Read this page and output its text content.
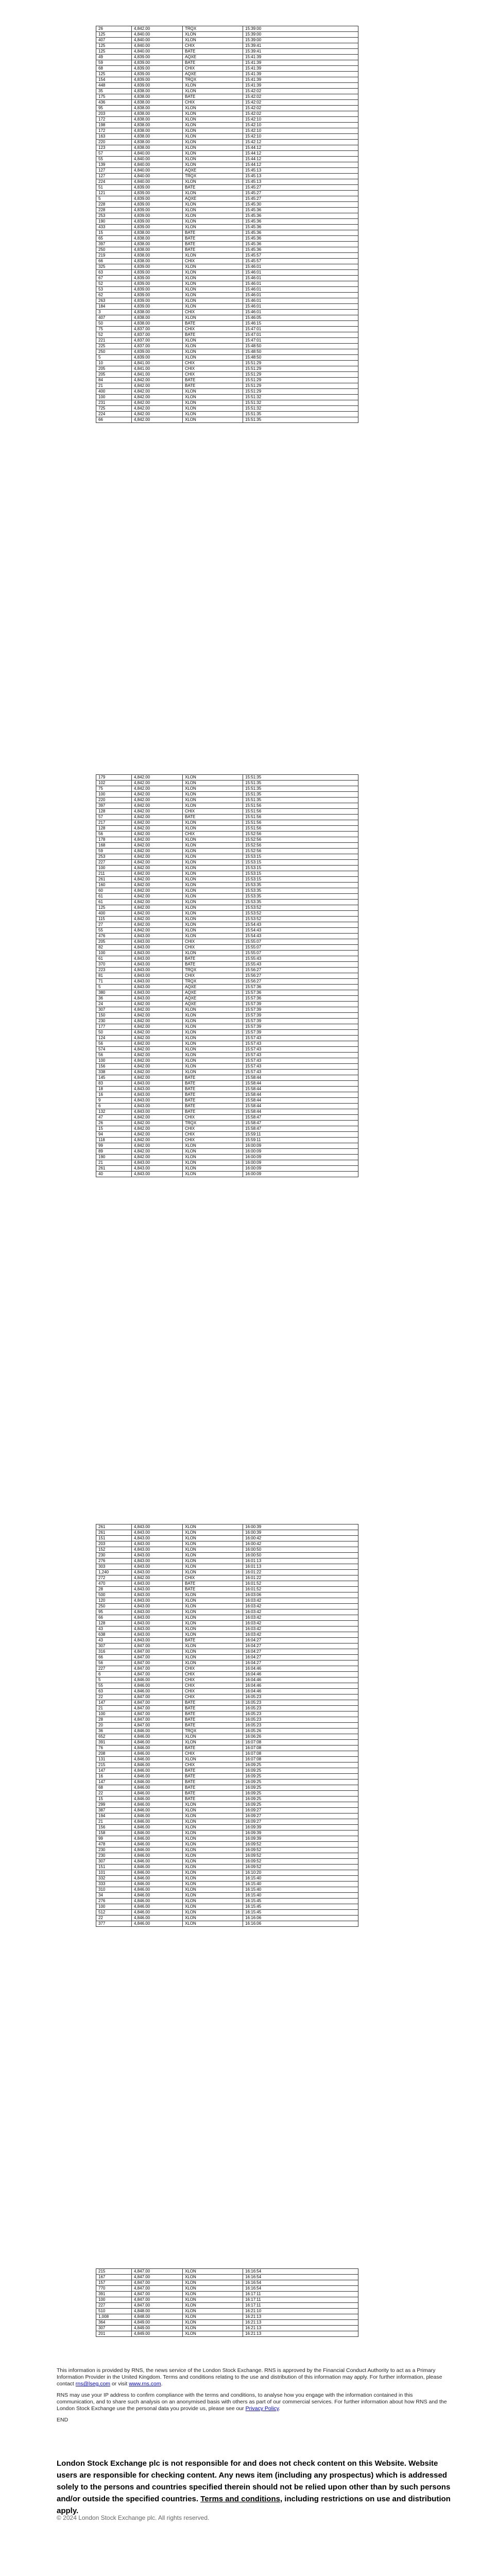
26	4,842.00	TRQX	15:39:00
125	4,840.00	XLON	15:39:00
407	4,840.00	XLON	15:39:00
125	4,840.00	CHIX	15:39:41
125	4,840.00	BATE	15:39:41
49	4,839.00	AQXE	15:41:39
59	4,839.00	BATE	15:41:39
68	4,839.00	CHIX	15:41:39
125	4,839.00	AQXE	15:41:39
154	4,839.00	TRQX	15:41:39
448	4,839.00	XLON	15:41:39
35	4,838.00	XLON	15:42:02
175	4,838.00	BATE	15:42:02
436	4,838.00	CHIX	15:42:02
95	4,838.00	XLON	15:42:02
203	4,838.00	XLON	15:42:02
172	4,838.00	XLON	15:42:10
198	4,838.00	XLON	15:42:10
172	4,838.00	XLON	15:42:10
163	4,838.00	XLON	15:42:10
220	4,838.00	XLON	15:42:12
123	4,838.00	XLON	15:44:12
57	4,840.00	XLON	15:44:12
55	4,840.00	XLON	15:44:12
139	4,840.00	XLON	15:44:12
127	4,840.00	AQXE	15:45:13
127	4,840.00	TRQX	15:45:13
224	4,840.00	XLON	15:45:13
51	4,839.00	BATE	15:45:27
121	4,839.00	XLON	15:45:27
5	4,839.00	AQXE	15:45:27
228	4,839.00	XLON	15:45:30
228	4,839.00	XLON	15:45:36
253	4,839.00	XLON	15:45:36
190	4,839.00	XLON	15:45:36
433	4,839.00	XLON	15:45:36
15	4,838.00	BATE	15:45:36
65	4,838.00	BATE	15:45:36
397	4,838.00	BATE	15:45:36
250	4,838.00	BATE	15:45:36
219	4,838.00	XLON	15:45:57
66	4,838.00	CHIX	15:45:57
325	4,839.00	XLON	15:46:01
63	4,839.00	XLON	15:46:01
67	4,839.00	XLON	15:46:01
52	4,839.00	XLON	15:46:01
53	4,839.00	XLON	15:46:01
62	4,839.00	XLON	15:46:01
263	4,839.00	XLON	15:46:01
184	4,839.00	XLON	15:46:01
3	4,838.00	CHIX	15:46:01
407	4,838.00	XLON	15:46:05
50	4,838.00	BATE	15:46:15
75	4,837.00	CHIX	15:47:01
52	4,837.00	BATE	15:47:01
221	4,837.00	XLON	15:47:01
225	4,837.00	XLON	15:48:50
250	4,839.00	XLON	15:48:50
5	4,839.00	XLON	15:48:50
10	4,841.00	CHIX	15:51:29
205	4,841.00	CHIX	15:51:29
205	4,841.00	CHIX	15:51:29
84	4,842.00	BATE	15:51:29
21	4,842.00	BATE	15:51:29
400	4,842.00	XLON	15:51:29
100	4,842.00	XLON	15:51:32
231	4,842.00	XLON	15:51:32
725	4,842.00	XLON	15:51:32
224	4,842.00	XLON	15:51:35
66	4,842.00	XLON	15:51:35
179	4,842.00	XLON	15:51:35
102	4,842.00	XLON	15:51:35
75	4,842.00	XLON	15:51:35
100	4,842.00	XLON	15:51:35
220	4,842.00	XLON	15:51:35
397	4,842.00	XLON	15:51:56
128	4,842.00	CHIX	15:51:56
57	4,842.00	BATE	15:51:56
217	4,842.00	XLON	15:51:56
128	4,842.00	XLON	15:51:56
56	4,842.00	CHIX	15:52:56
178	4,842.00	XLON	15:52:56
168	4,842.00	XLON	15:52:56
59	4,842.00	XLON	15:52:56
253	4,842.00	XLON	15:53:15
227	4,842.00	XLON	15:53:15
100	4,842.00	XLON	15:53:15
211	4,842.00	XLON	15:53:15
261	4,842.00	XLON	15:53:15
160	4,842.00	XLON	15:53:35
60	4,842.00	XLON	15:53:35
61	4,842.00	XLON	15:53:35
61	4,842.00	XLON	15:53:35
125	4,842.00	XLON	15:53:52
400	4,842.00	XLON	15:53:52
115	4,842.00	XLON	15:53:52
27	4,842.00	XLON	15:54:43
55	4,842.00	XLON	15:54:43
476	4,843.00	XLON	15:54:43
205	4,843.00	CHIX	15:55:07
82	4,843.00	CHIX	15:55:07
100	4,843.00	XLON	15:55:07
61	4,843.00	BATE	15:55:43
370	4,843.00	BATE	15:55:43
223	4,843.00	TRQX	15:56:27
81	4,843.00	CHIX	15:56:27
71	4,843.00	TRQX	15:56:27
5	4,843.00	AQXE	15:57:36
380	4,843.00	AQXE	15:57:36
36	4,843.00	AQXE	15:57:36
24	4,842.00	AQXE	15:57:39
307	4,842.00	XLON	15:57:39
150	4,842.00	XLON	15:57:39
230	4,842.00	XLON	15:57:39
177	4,842.00	XLON	15:57:39
50	4,842.00	XLON	15:57:39
124	4,842.00	XLON	15:57:43
56	4,842.00	XLON	15:57:43
574	4,842.00	XLON	15:57:43
56	4,842.00	XLON	15:57:43
100	4,842.00	XLON	15:57:43
156	4,842.00	XLON	15:57:43
338	4,842.00	XLON	15:57:43
145	4,842.00	BATE	15:58:44
83	4,843.00	BATE	15:58:44
18	4,843.00	BATE	15:58:44
16	4,843.00	BATE	15:58:44
9	4,843.00	BATE	15:58:44
6	4,843.00	BATE	15:58:44
132	4,843.00	BATE	15:58:44
47	4,842.00	CHIX	15:58:47
26	4,842.00	TRQX	15:58:47
15	4,842.00	CHIX	15:58:47
94	4,842.00	CHIX	15:59:11
118	4,842.00	CHIX	15:59:11
99	4,842.00	XLON	16:00:09
89	4,842.00	XLON	16:00:09
190	4,842.00	XLON	16:00:09
21	4,843.00	XLON	16:00:09
261	4,843.00	XLON	16:00:09
40	4,843.00	XLON	16:00:09
261	4,843.00	XLON	16:00:39
261	4,843.00	XLON	16:00:39
151	4,843.00	XLON	16:00:42
203	4,843.00	XLON	16:00:42
152	4,843.00	XLON	16:00:50
230	4,843.00	XLON	16:00:50
276	4,843.00	XLON	16:01:13
303	4,843.00	XLON	16:01:13
1,240	4,843.00	XLON	16:01:22
272	4,842.00	CHIX	16:01:22
470	4,843.00	BATE	16:01:52
28	4,843.00	BATE	16:01:52
500	4,843.00	XLON	16:03:06
120	4,843.00	XLON	16:03:42
250	4,843.00	XLON	16:03:42
95	4,843.00	XLON	16:03:42
66	4,843.00	XLON	16:03:42
128	4,843.00	XLON	16:03:42
43	4,843.00	XLON	16:03:42
638	4,843.00	XLON	16:03:42
43	4,843.00	BATE	16:04:27
307	4,847.00	XLON	16:04:27
316	4,847.00	XLON	16:04:27
66	4,847.00	XLON	16:04:27
56	4,847.00	XLON	16:04:27
227	4,847.00	CHIX	16:04:46
6	4,847.00	CHIX	16:04:46
5	4,846.00	CHIX	16:04:46
55	4,846.00	CHIX	16:04:46
63	4,846.00	CHIX	16:04:46
22	4,847.00	CHIX	16:05:23
147	4,847.00	BATE	16:05:23
21	4,847.00	BATE	16:05:23
100	4,847.00	BATE	16:05:23
28	4,847.00	BATE	16:05:23
20	4,847.00	BATE	16:05:23
36	4,846.00	TRQX	16:05:26
652	4,846.00	XLON	16:06:26
391	4,846.00	XLON	16:07:08
76	4,846.00	BATE	16:07:08
208	4,846.00	CHIX	16:07:08
131	4,846.00	XLON	16:07:08
215	4,846.00	CHIX	16:09:25
147	4,846.00	BATE	16:09:25
16	4,846.00	BATE	16:09:25
147	4,846.00	BATE	16:09:25
68	4,846.00	BATE	16:09:25
22	4,846.00	BATE	16:09:25
15	4,846.00	BATE	16:09:25
299	4,846.00	XLON	16:09:25
387	4,846.00	XLON	16:09:27
194	4,846.00	XLON	16:09:27
21	4,846.00	XLON	16:09:27
156	4,846.00	XLON	16:09:39
158	4,846.00	XLON	16:09:39
99	4,846.00	XLON	16:09:39
478	4,846.00	XLON	16:09:52
230	4,846.00	XLON	16:09:52
230	4,846.00	XLON	16:09:52
307	4,846.00	XLON	16:09:52
151	4,846.00	XLON	16:09:52
101	4,846.00	XLON	16:10:20
332	4,846.00	XLON	16:15:40
333	4,846.00	XLON	16:15:40
310	4,846.00	XLON	16:15:40
34	4,846.00	XLON	16:15:40
276	4,846.00	XLON	16:15:45
100	4,846.00	XLON	16:15:45
512	4,846.00	XLON	16:15:45
22	4,846.00	XLON	16:16:06
377	4,846.00	XLON	16:16:06
215	4,847.00	XLON	16:16:54
167	4,847.00	XLON	16:16:54
157	4,847.00	XLON	16:16:54
770	4,847.00	XLON	16:16:54
391	4,847.00	XLON	16:17:11
100	4,847.00	XLON	16:17:11
227	4,847.00	XLON	16:17:11
510	4,848.00	XLON	16:21:10
1,008	4,848.00	XLON	16:21:13
364	4,849.00	XLON	16:21:13
307	4,849.00	XLON	16:21:13
201	4,849.00	XLON	16:21:13

This information is provided by RNS, the news service of the London Stock Exchange. RNS is approved by the Financial Conduct Authority to act as a Primary Information Provider in the United Kingdom. Terms and conditions relating to the use and distribution of this information may apply. For further information, please contact rns@lseg.com or visit www.rns.com.

RNS may use your IP address to confirm compliance with the terms and conditions, to analyse how you engage with the information contained in this communication, and to share such analysis on an anonymised basis with others as part of our commercial services. For further information about how RNS and the London Stock Exchange use the personal data you provide us, please see our Privacy Policy.

END

London Stock Exchange plc is not responsible for and does not check content on this Website. Website users are responsible for checking content. Any news item (including any prospectus) which is addressed solely to the persons and countries specified therein should not be relied upon other than by such persons and/or outside the specified countries. Terms and conditions, including restrictions on use and distribution apply.
© 2024 London Stock Exchange plc. All rights reserved.
